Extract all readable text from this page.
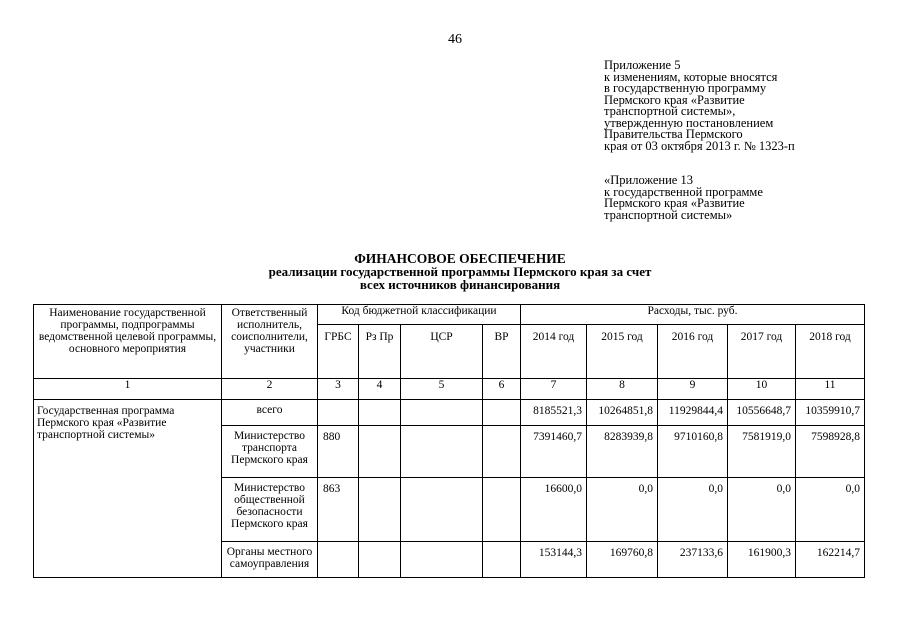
46
Приложение 5
к изменениям, которые вносятся
в государственную программу
Пермского края «Развитие
транспортной системы»,
утвержденную постановлением
Правительства Пермского
края от 03 октября 2013 г. № 1323-п
«Приложение 13
к государственной программе
Пермского края «Развитие
транспортной системы»
ФИНАНСОВОЕ ОБЕСПЕЧЕНИЕ
реализации государственной программы Пермского края за счет
всех источников финансирования
Наименование государственной программы, подпрограммы ведомственной целевой программы, основного мероприятия	Ответственный исполнитель, соисполнители, участники	Код бюджетной классификации				Расходы, тыс. руб.				
		ГРБС	Рз Пр	ЦСР	ВР	2014 год	2015 год	2016 год	2017 год	2018 год
1	2	3	4	5	6	7	8	9	10	11
Государственная программа Пермского края «Развитие транспортной системы»	всего					8185521,3	10264851,8	11929844,4	10556648,7	10359910,7
	Министерство транспорта Пермского края	880				7391460,7	8283939,8	9710160,8	7581919,0	7598928,8
	Министерство общественной безопасности Пермского края	863				16600,0	0,0	0,0	0,0	0,0
	Органы местного самоуправления					153144,3	169760,8	237133,6	161900,3	162214,7
